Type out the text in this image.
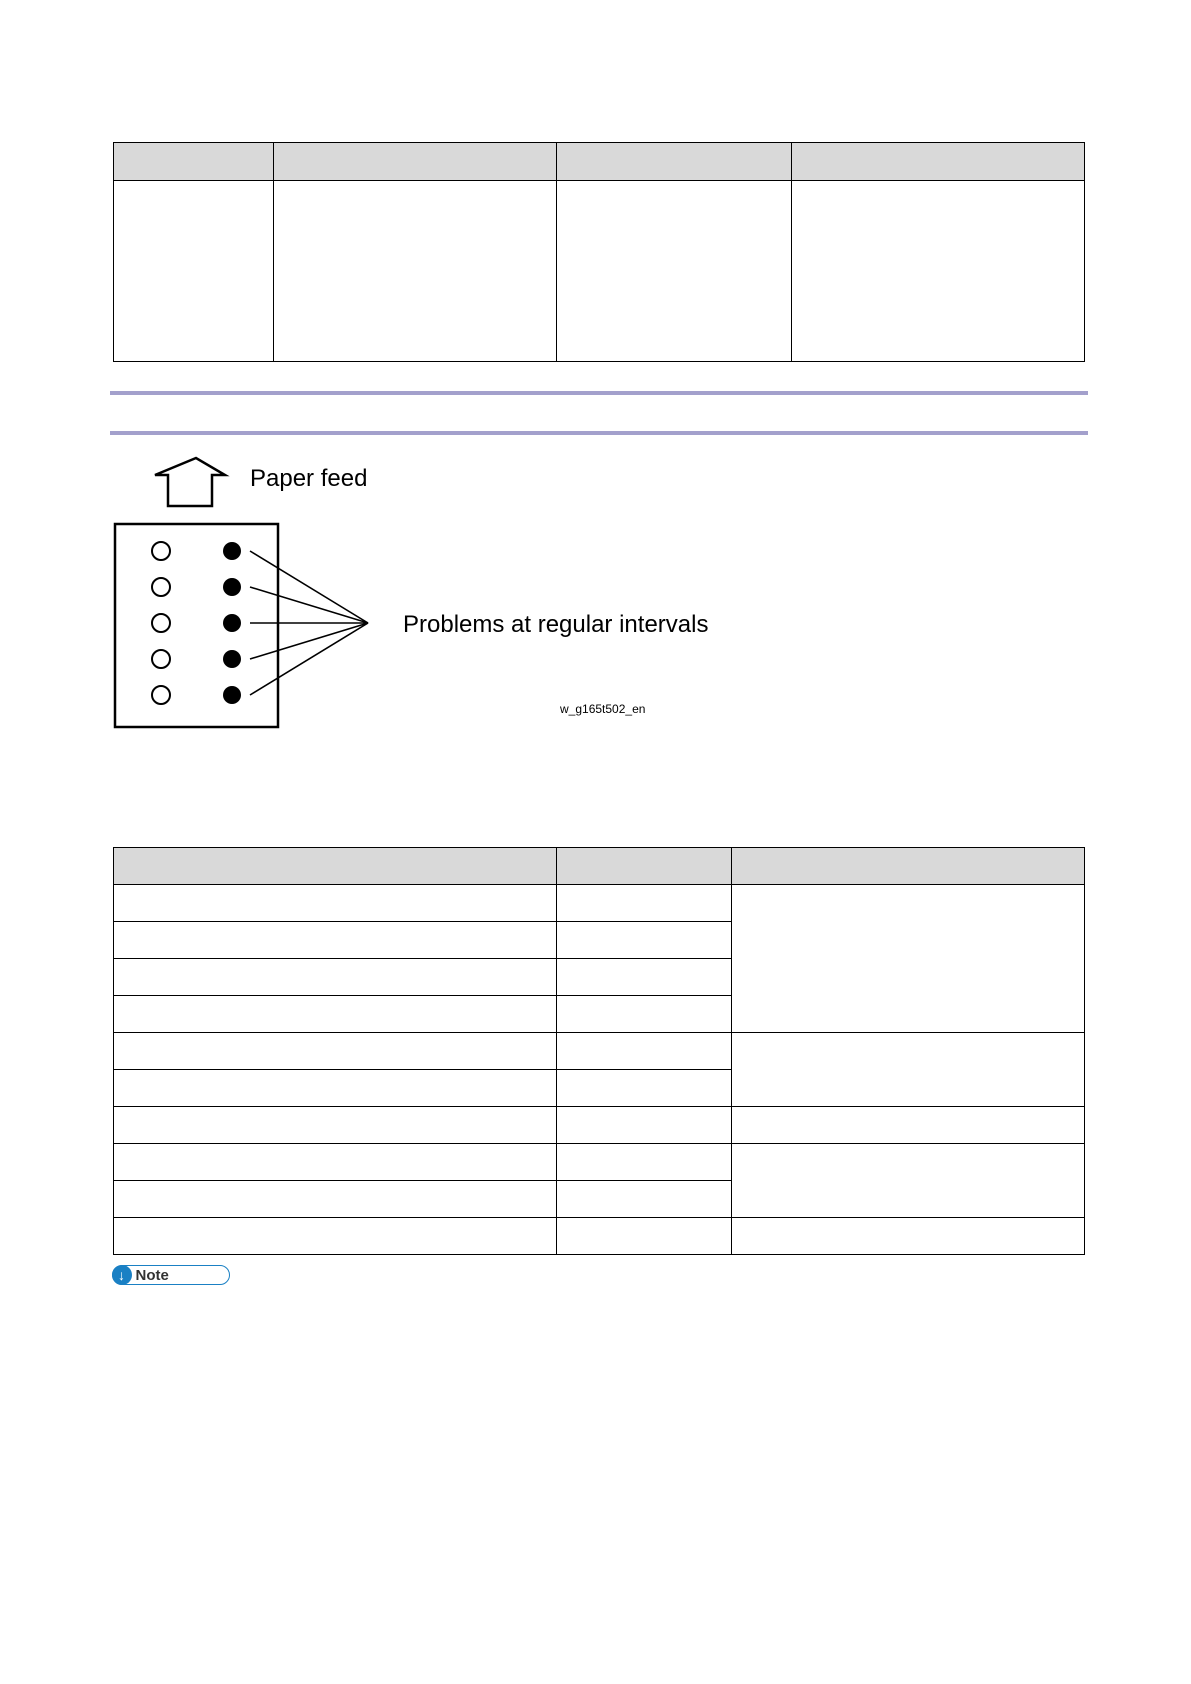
Paper feed
Problems at regular intervals
w_g165t502_en

↓ Note
